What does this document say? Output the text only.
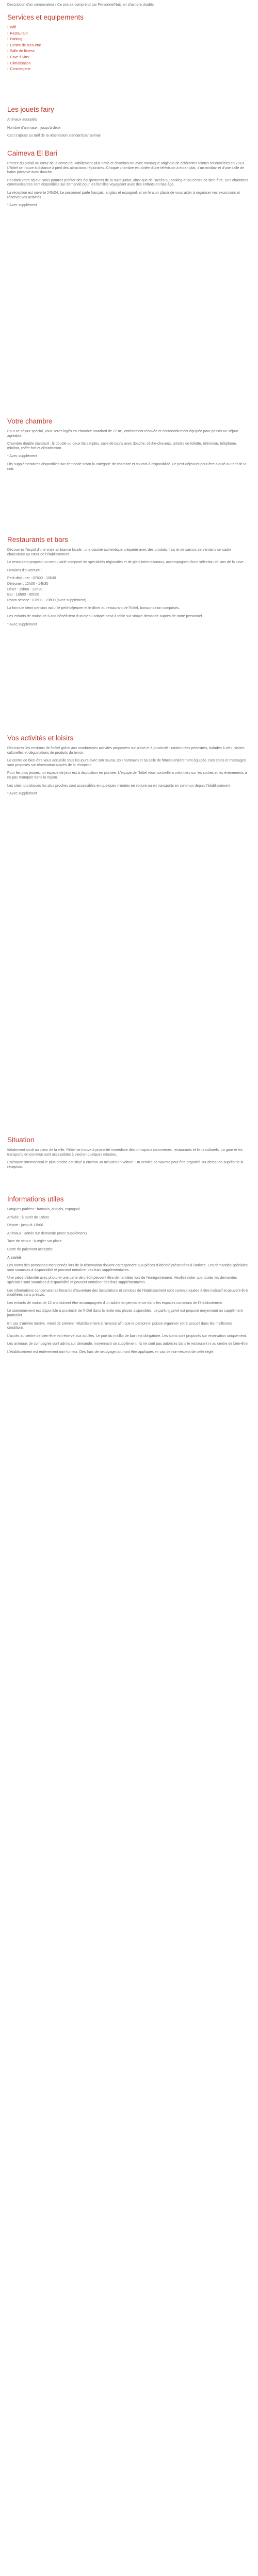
Description d'un comparateur / Ce prix se comprend par Personne/Nuit, en chambre double.

Services et equipements
› Wifi
› Restaurant
› Parking
› Centre de bien-être
› Salle de fitness
› Cave à vins
› Climatisation
› Conciergerie
Les jouets fairy

Animaux acceptés

Nombre d'animaux : jusqu'à deux

Ceci s'ajoute au tarif de la réservation standard par animal

Caimeva El Bari

Prenez du plaisir au cœur de la demeure Habillement plus nette et chambreuse avec mosaïque originale de différentes teintes renouvelées en 2018. L'hôtel se trouve à distance à pied des attractions régionales. Chaque chambre est dotée d'une télévision à écran plat, d'un minibar et d'une salle de bains privative avec douche.

Pendant votre séjour, vous pourrez profiter des équipements de la suite junior, ainsi que de l'accès au parking et au centre de bien-être. Des chambres communicantes sont disponibles sur demande pour les familles voyageant avec des enfants en bas âge.

La réception est ouverte 24h/24. Le personnel parle français, anglais et espagnol, et se fera un plaisir de vous aider à organiser vos excursions et réserver vos activités.

* Avec supplément

Votre chambre

Pour ce séjour spécial, vous serez logés en chambre standard de 22 m², entièrement rénovée et confortablement équipée pour passer un séjour agréable.

Chambre double standard : lit double ou deux lits simples, salle de bains avec douche, sèche-cheveux, articles de toilette, télévision, téléphone, minibar, coffre-fort et climatisation.

* Avec supplément

Lits supplémentaires disponibles sur demande selon la catégorie de chambre et soumis à disponibilité. Le petit-déjeuner peut être ajouté au tarif de la nuit.

Restaurants et bars

Découvrez l'esprit d'une vraie ambiance locale : une cuisine authentique préparée avec des produits frais et de saison, servie dans un cadre chaleureux au cœur de l'établissement.

Le restaurant propose un menu varié composé de spécialités régionales et de plats internationaux, accompagnés d'une sélection de vins de la cave.

Horaires d'ouverture :

Petit-déjeuner : 07h00 - 10h30
Déjeuner : 12h00 - 14h30
Dîner : 19h00 - 22h30
Bar : 10h00 - 00h00
Room service : 07h00 - 23h00 (avec supplément)

La formule demi-pension inclut le petit-déjeuner et le dîner au restaurant de l'hôtel, boissons non comprises.

Les enfants de moins de 6 ans bénéficient d'un menu adapté servi à table sur simple demande auprès de notre personnel.

* Avec supplément

Vos activités et loisirs

Découvrez les environs de l'hôtel grâce aux nombreuses activités proposées sur place et à proximité : randonnées pédestres, balades à vélo, visites culturelles et dégustations de produits du terroir.

Le centre de bien-être vous accueille tous les jours avec son sauna, son hammam et sa salle de fitness entièrement équipée. Des soins et massages sont proposés sur réservation auprès de la réception.

Pour les plus jeunes, un espace de jeux est à disposition en journée. L'équipe de l'hôtel vous conseillera volontiers sur les sorties et les événements à ne pas manquer dans la région.

Les sites touristiques les plus proches sont accessibles en quelques minutes en voiture ou en transports en commun depuis l'établissement.

* Avec supplément

Situation

Idéalement situé au cœur de la ville, l'hôtel se trouve à proximité immédiate des principaux commerces, restaurants et lieux culturels. La gare et les transports en commun sont accessibles à pied en quelques minutes.

L'aéroport international le plus proche est situé à environ 30 minutes en voiture. Un service de navette peut être organisé sur demande auprès de la réception.

Informations utiles

Langues parlées : français, anglais, espagnol

Arrivée : à partir de 15h00

Départ : jusqu'à 11h00

Animaux : admis sur demande (avec supplément)

Taxe de séjour : à régler sur place

Carte de paiement acceptée

A savoir

Les noms des personnes mentionnés lors de la réservation doivent correspondre aux pièces d'identité présentées à l'arrivée. Les demandes spéciales sont soumises à disponibilité et peuvent entraîner des frais supplémentaires.

Une pièce d'identité avec photo et une carte de crédit peuvent être demandées lors de l'enregistrement. Veuillez noter que toutes les demandes spéciales sont soumises à disponibilité et peuvent entraîner des frais supplémentaires.

Les informations concernant les horaires d'ouverture des installations et services de l'établissement sont communiquées à titre indicatif et peuvent être modifiées sans préavis.

Les enfants de moins de 12 ans doivent être accompagnés d'un adulte en permanence dans les espaces communs de l'établissement.

Le stationnement est disponible à proximité de l'hôtel dans la limite des places disponibles. Le parking privé est proposé moyennant un supplément journalier.

En cas d'arrivée tardive, merci de prévenir l'établissement à l'avance afin que le personnel puisse organiser votre accueil dans les meilleures conditions.

L'accès au centre de bien-être est réservé aux adultes. Le port du maillot de bain est obligatoire. Les soins sont proposés sur réservation uniquement.

Les animaux de compagnie sont admis sur demande, moyennant un supplément. Ils ne sont pas autorisés dans le restaurant ni au centre de bien-être.

L'établissement est entièrement non-fumeur. Des frais de nettoyage pourront être appliqués en cas de non-respect de cette règle.
